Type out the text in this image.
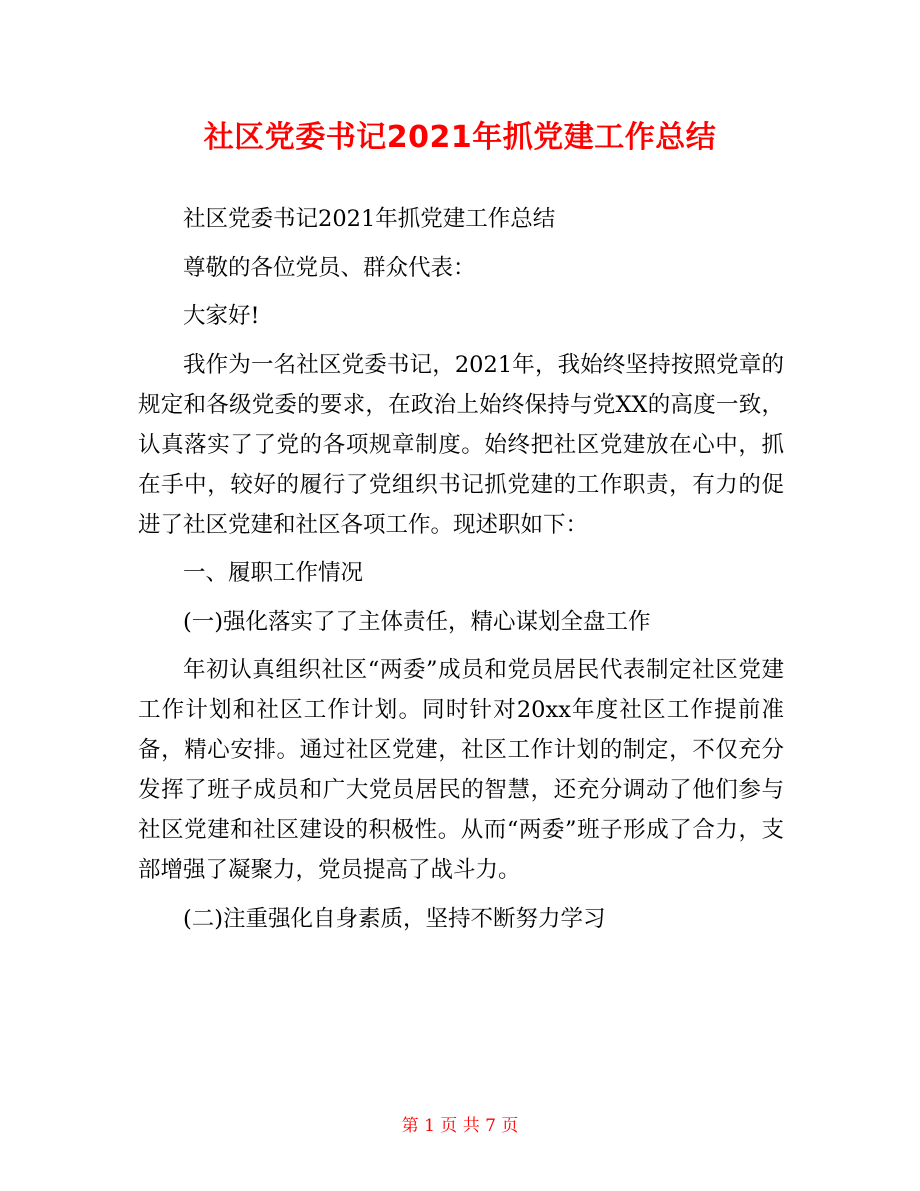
社区党委书记2021年抓党建工作总结

社区党委书记2021年抓党建工作总结

尊敬的各位党员、群众代表：

大家好!

我作为一名社区党委书记，2021年，我始终坚持按照党章的规定和各级党委的要求，在政治上始终保持与党XX的高度一致，认真落实了了党的各项规章制度。始终把社区党建放在心中，抓在手中，较好的履行了党组织书记抓党建的工作职责，有力的促进了社区党建和社区各项工作。现述职如下：

一、履职工作情况

(一)强化落实了了主体责任，精心谋划全盘工作

年初认真组织社区“两委”成员和党员居民代表制定社区党建工作计划和社区工作计划。同时针对20xx年度社区工作提前准备，精心安排。通过社区党建，社区工作计划的制定，不仅充分发挥了班子成员和广大党员居民的智慧，还充分调动了他们参与社区党建和社区建设的积极性。从而“两委”班子形成了合力，支部增强了凝聚力，党员提高了战斗力。

(二)注重强化自身素质，坚持不断努力学习

第 1 页 共 7 页
